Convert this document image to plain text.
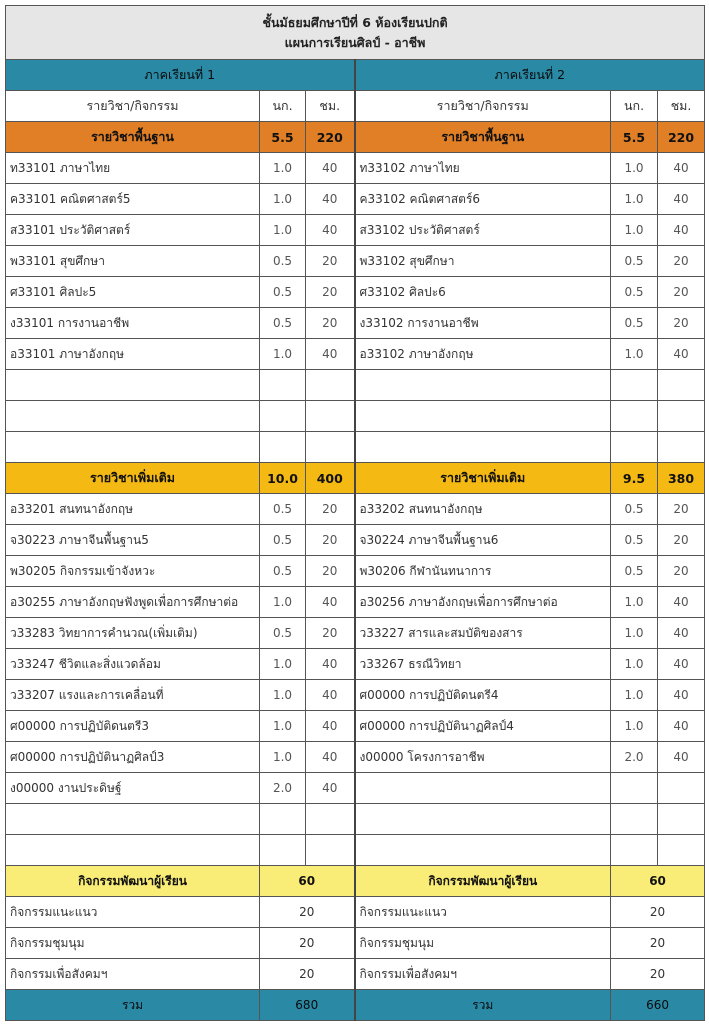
ชั้นมัธยมศึกษาปีที่ 6 ห้องเรียนปกติ
แผนการเรียนศิลป์ - อาชีพ					

ภาคเรียนที่ 1			ภาคเรียนที่ 2		
รายวิชา/กิจกรรม	นก.	ชม.	รายวิชา/กิจกรรม	นก.	ชม.
รายวิชาพื้นฐาน	5.5	220	รายวิชาพื้นฐาน	5.5	220
ท33101 ภาษาไทย	1.0	40	ท33102 ภาษาไทย	1.0	40
ค33101 คณิตศาสตร์5	1.0	40	ค33102 คณิตศาสตร์6	1.0	40
ส33101 ประวัติศาสตร์	1.0	40	ส33102 ประวัติศาสตร์	1.0	40
พ33101 สุขศึกษา	0.5	20	พ33102 สุขศึกษา	0.5	20
ศ33101 ศิลปะ5	0.5	20	ศ33102 ศิลปะ6	0.5	20
ง33101 การงานอาชีพ	0.5	20	ง33102 การงานอาชีพ	0.5	20
อ33101 ภาษาอังกฤษ	1.0	40	อ33102 ภาษาอังกฤษ	1.0	40

รายวิชาเพิ่มเติม	10.0	400	รายวิชาเพิ่มเติม	9.5	380
อ33201 สนทนาอังกฤษ	0.5	20	อ33202 สนทนาอังกฤษ	0.5	20
จ30223 ภาษาจีนพื้นฐาน5	0.5	20	จ30224 ภาษาจีนพื้นฐาน6	0.5	20
พ30205 กิจกรรมเข้าจังหวะ	0.5	20	พ30206 กีฬานันทนาการ	0.5	20
อ30255 ภาษาอังกฤษฟังพูดเพื่อการศึกษาต่อ	1.0	40	อ30256 ภาษาอังกฤษเพื่อการศึกษาต่อ	1.0	40
ว33283 วิทยาการคำนวณ(เพิ่มเติม)	0.5	20	ว33227 สารและสมบัติของสาร	1.0	40
ว33247 ชีวิตและสิ่งแวดล้อม	1.0	40	ว33267 ธรณีวิทยา	1.0	40
ว33207 แรงและการเคลื่อนที่	1.0	40	ศ00000 การปฏิบัติดนตรี4	1.0	40
ศ00000 การปฏิบัติดนตรี3	1.0	40	ศ00000 การปฏิบัตินาฏศิลป์4	1.0	40
ศ00000 การปฏิบัตินาฏศิลป์3	1.0	40	ง00000 โครงการอาชีพ	2.0	40
ง00000 งานประดิษฐ์	2.0	40			

กิจกรรมพัฒนาผู้เรียน	60		กิจกรรมพัฒนาผู้เรียน	60	
กิจกรรมแนะแนว	20		กิจกรรมแนะแนว	20	
กิจกรรมชุมนุม	20		กิจกรรมชุมนุม	20	
กิจกรรมเพื่อสังคมฯ	20		กิจกรรมเพื่อสังคมฯ	20	
รวม	680		รวม	660	
